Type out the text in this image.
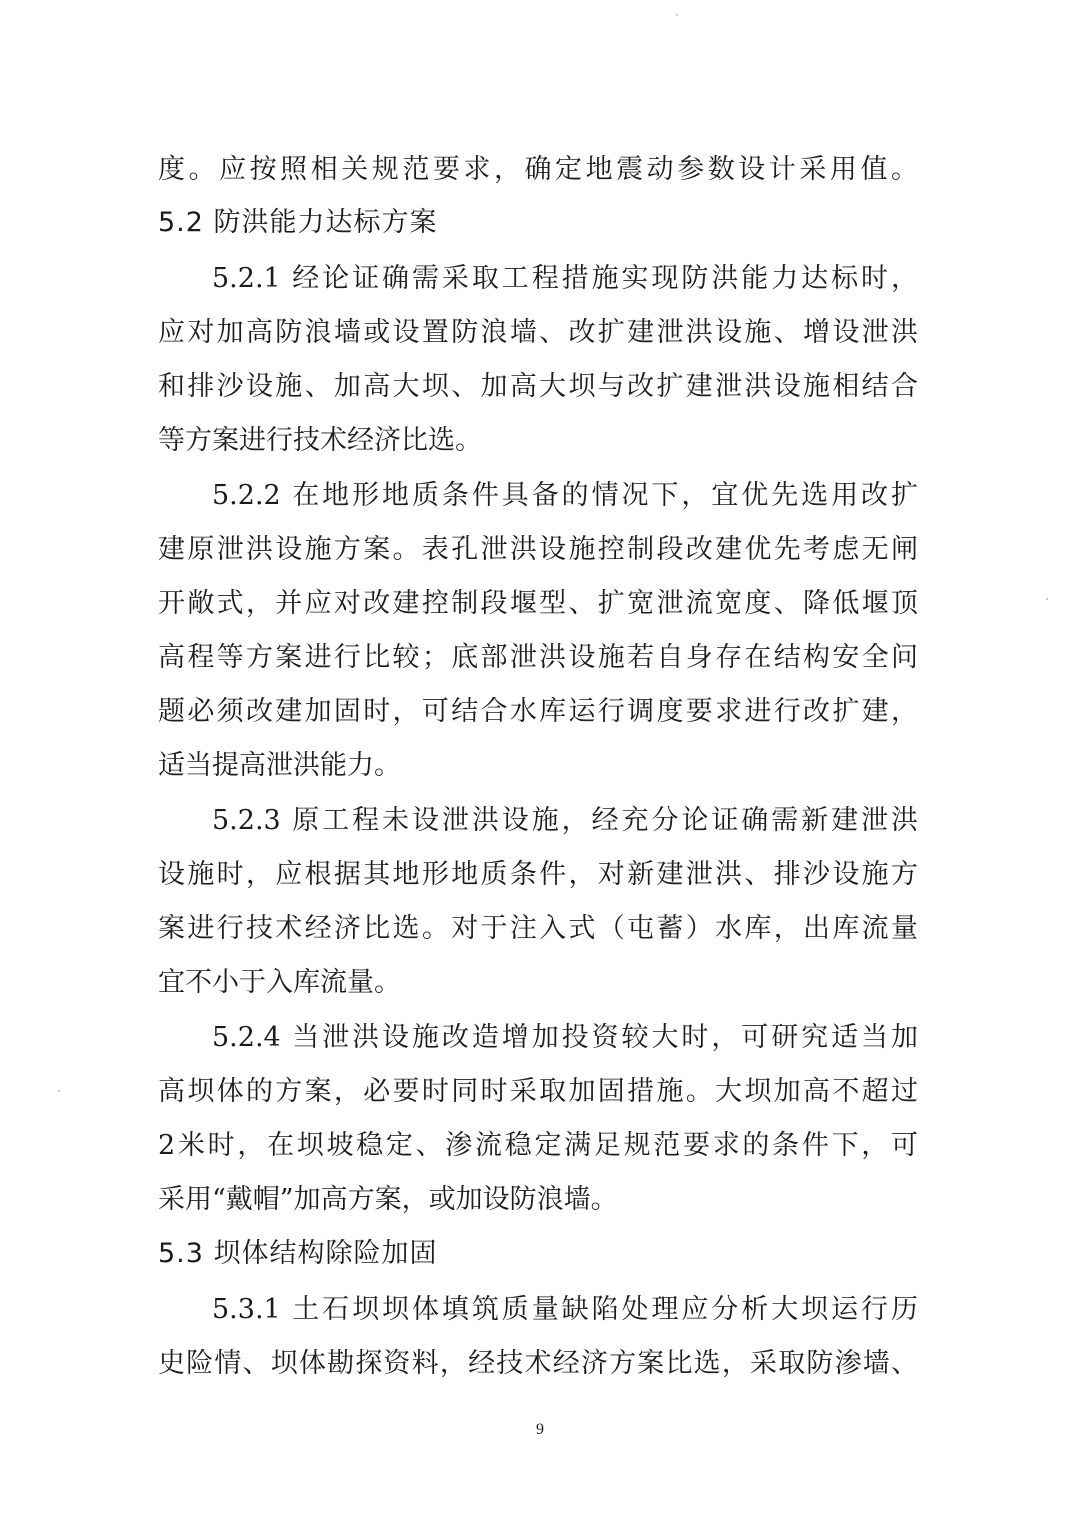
度。应按照相关规范要求，确定地震动参数设计采用值。
5.2 防洪能力达标方案
5.2.1 经论证确需采取工程措施实现防洪能力达标时，
应对加高防浪墙或设置防浪墙、改扩建泄洪设施、增设泄洪
和排沙设施、加高大坝、加高大坝与改扩建泄洪设施相结合
等方案进行技术经济比选。
5.2.2 在地形地质条件具备的情况下，宜优先选用改扩
建原泄洪设施方案。表孔泄洪设施控制段改建优先考虑无闸
开敞式，并应对改建控制段堰型、扩宽泄流宽度、降低堰顶
高程等方案进行比较；底部泄洪设施若自身存在结构安全问
题必须改建加固时，可结合水库运行调度要求进行改扩建，
适当提高泄洪能力。
5.2.3 原工程未设泄洪设施，经充分论证确需新建泄洪
设施时，应根据其地形地质条件，对新建泄洪、排沙设施方
案进行技术经济比选。对于注入式（屯蓄）水库，出库流量
宜不小于入库流量。
5.2.4 当泄洪设施改造增加投资较大时，可研究适当加
高坝体的方案，必要时同时采取加固措施。大坝加高不超过
2米时，在坝坡稳定、渗流稳定满足规范要求的条件下，可
采用“戴帽”加高方案，或加设防浪墙。
5.3 坝体结构除险加固
5.3.1 土石坝坝体填筑质量缺陷处理应分析大坝运行历
史险情、坝体勘探资料，经技术经济方案比选，采取防渗墙、
9
